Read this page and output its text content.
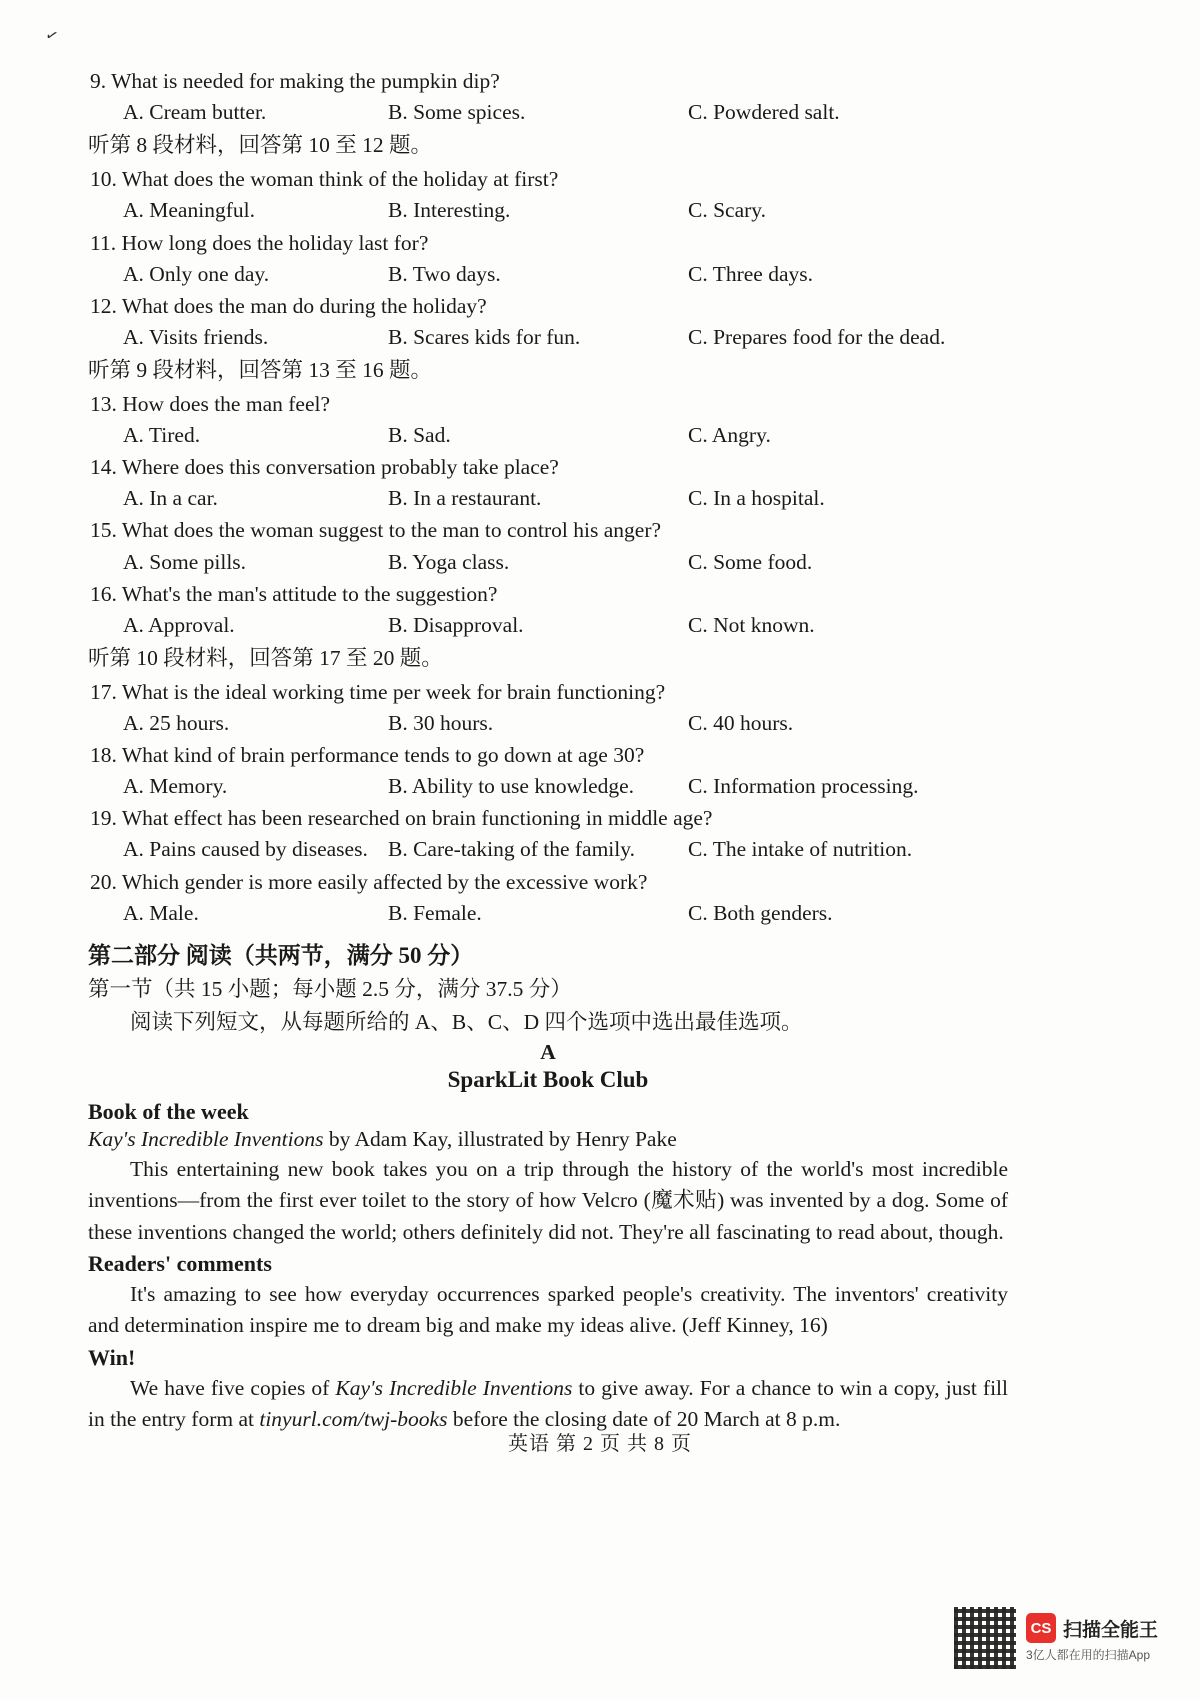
✓
9. What is needed for making the pumpkin dip?
A. Cream butter.	B. Some spices.	C. Powdered salt.
听第 8 段材料，回答第 10 至 12 题。
10. What does the woman think of the holiday at first?
A. Meaningful.	B. Interesting.	C. Scary.
11. How long does the holiday last for?
A. Only one day.	B. Two days.	C. Three days.
12. What does the man do during the holiday?
A. Visits friends.	B. Scares kids for fun.	C. Prepares food for the dead.
听第 9 段材料，回答第 13 至 16 题。
13. How does the man feel?
A. Tired.	B. Sad.	C. Angry.
14. Where does this conversation probably take place?
A. In a car.	B. In a restaurant.	C. In a hospital.
15. What does the woman suggest to the man to control his anger?
A. Some pills.	B. Yoga class.	C. Some food.
16. What's the man's attitude to the suggestion?
A. Approval.	B. Disapproval.	C. Not known.
听第 10 段材料，回答第 17 至 20 题。
17. What is the ideal working time per week for brain functioning?
A. 25 hours.	B. 30 hours.	C. 40 hours.
18. What kind of brain performance tends to go down at age 30?
A. Memory.	B. Ability to use knowledge.	C. Information processing.
19. What effect has been researched on brain functioning in middle age?
A. Pains caused by diseases. B. Care-taking of the family.	C. The intake of nutrition.
20. Which gender is more easily affected by the excessive work?
A. Male.	B. Female.	C. Both genders.
第二部分 阅读（共两节，满分 50 分）
第一节（共 15 小题；每小题 2.5 分，满分 37.5 分）
阅读下列短文，从每题所给的 A、B、C、D 四个选项中选出最佳选项。
A
SparkLit Book Club
Book of the week
Kay's Incredible Inventions by Adam Kay, illustrated by Henry Pake
This entertaining new book takes you on a trip through the history of the world's most incredible inventions—from the first ever toilet to the story of how Velcro (魔术贴) was invented by a dog. Some of these inventions changed the world; others definitely did not. They're all fascinating to read about, though.
Readers' comments
It's amazing to see how everyday occurrences sparked people's creativity. The inventors' creativity and determination inspire me to dream big and make my ideas alive. (Jeff Kinney, 16)
Win!
We have five copies of Kay's Incredible Inventions to give away. For a chance to win a copy, just fill in the entry form at tinyurl.com/twj-books before the closing date of 20 March at 8 p.m.
英语 第 2 页 共 8 页
CS 扫描全能王
3亿人都在用的扫描App
